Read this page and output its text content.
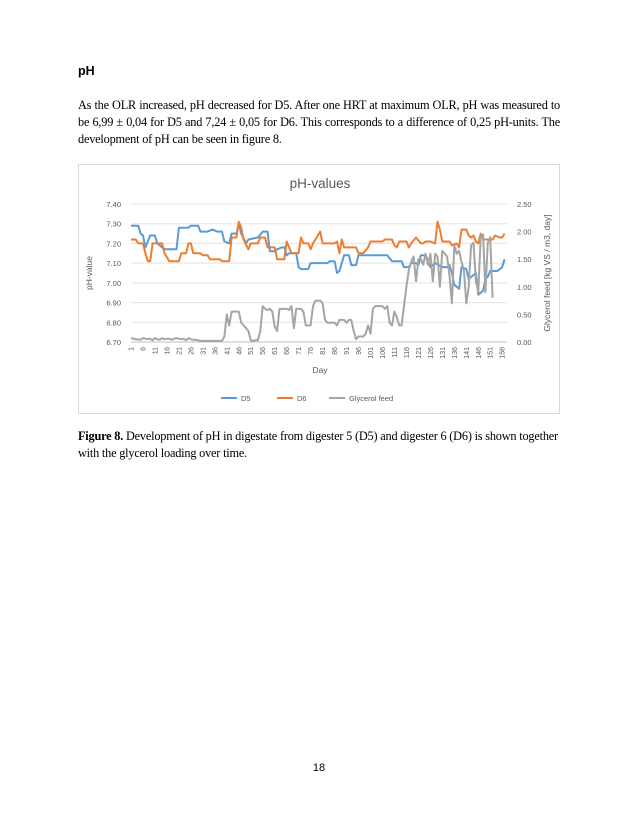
pH
As the OLR increased, pH decreased for D5. After one HRT at maximum OLR, pH was measured to be 6,99 ± 0,04 for D5 and 7,24 ± 0,05 for D6. This corresponds to a difference of 0,25 pH-units. The development of pH can be seen in figure 8.
pH-values
6.70
6.80
6.90
7.00
7.10
7.20
7.30
7.40
0.00
0.50
1.00
1.50
2.00
2.50
1 6 11 16 21 26 31 36 41 46 51 56 61 66 71 76 81 86 91 96 101 106 111 116 121 126 131 136 141 146 151 156
pH-value	Glycerol feed [kg VS / m3, day]
Day
D5	D6	Glycerol feed
Figure 8. Development of pH in digestate from digester 5 (D5) and digester 6 (D6) is shown together with the glycerol loading over time.
18
